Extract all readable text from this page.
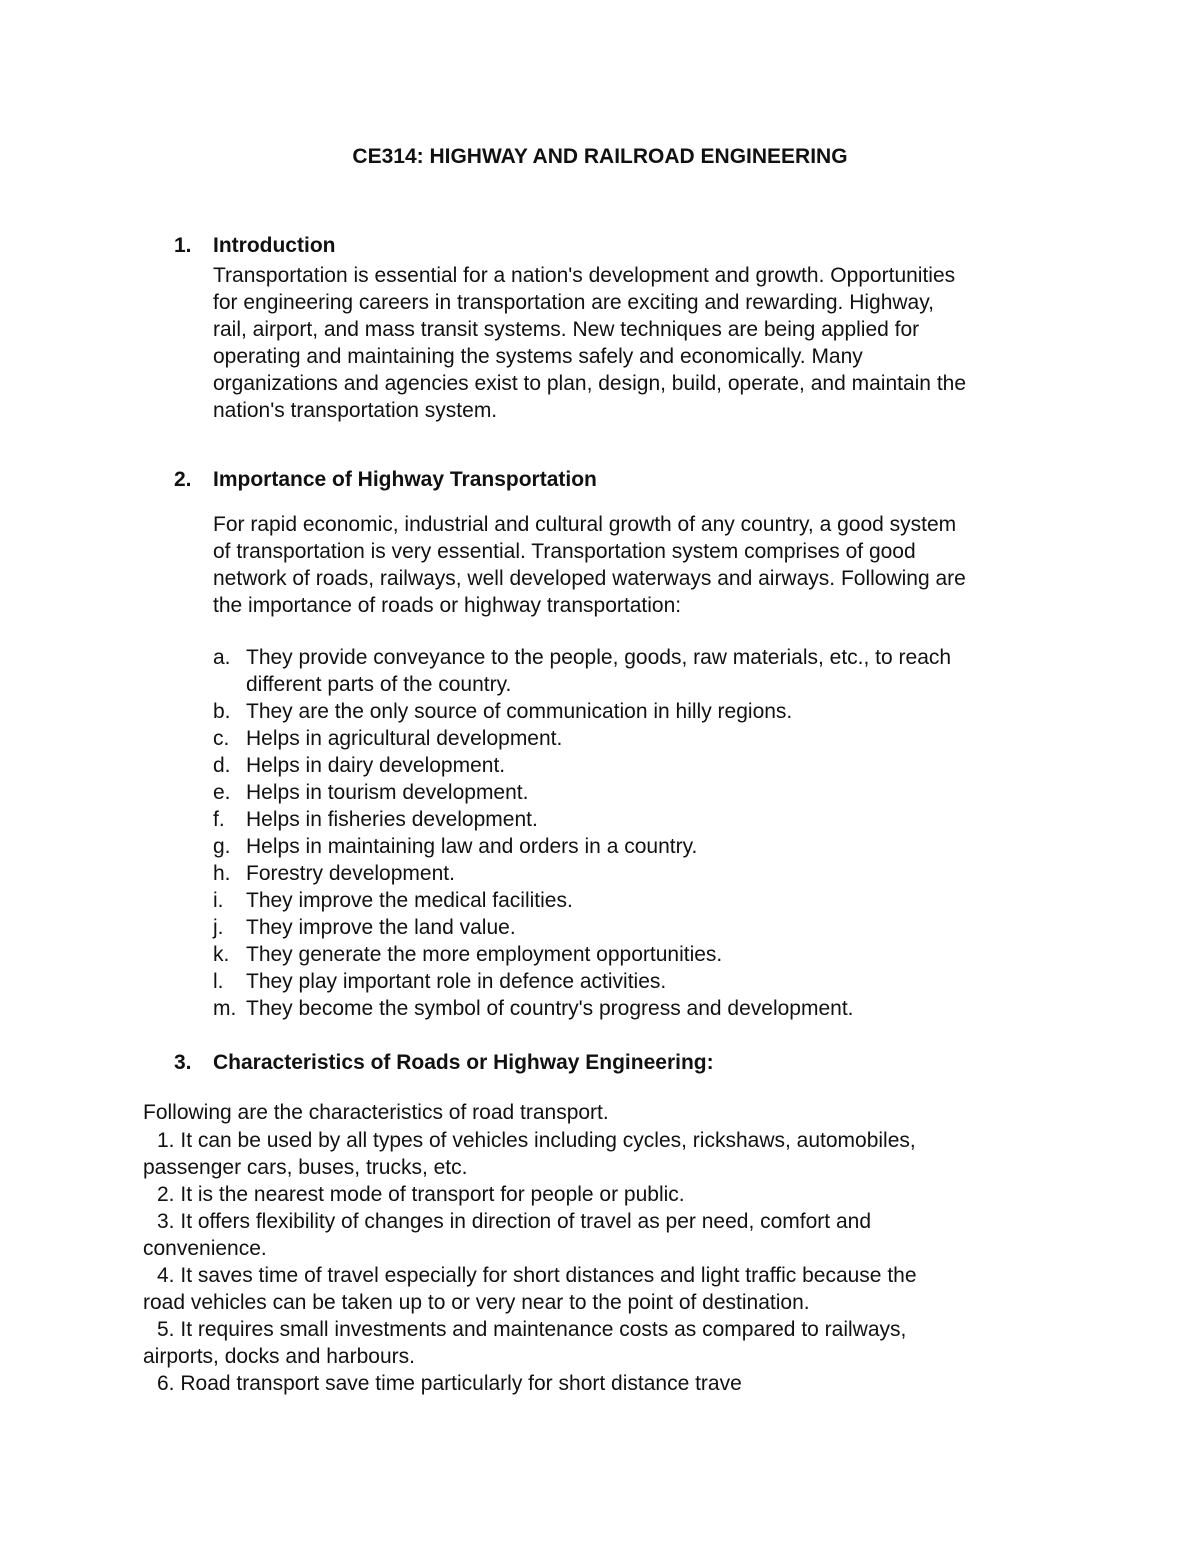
CE314: HIGHWAY AND RAILROAD ENGINEERING
1. Introduction
Transportation is essential for a nation's development and growth. Opportunities
for engineering careers in transportation are exciting and rewarding. Highway,
rail, airport, and mass transit systems. New techniques are being applied for
operating and maintaining the systems safely and economically. Many
organizations and agencies exist to plan, design, build, operate, and maintain the
nation's transportation system.
2. Importance of Highway Transportation
For rapid economic, industrial and cultural growth of any country, a good system
of transportation is very essential. Transportation system comprises of good
network of roads, railways, well developed waterways and airways. Following are
the importance of roads or highway transportation:
a. They provide conveyance to the people, goods, raw materials, etc., to reach
different parts of the country.
b. They are the only source of communication in hilly regions.
c. Helps in agricultural development.
d. Helps in dairy development.
e. Helps in tourism development.
f. Helps in fisheries development.
g. Helps in maintaining law and orders in a country.
h. Forestry development.
i. They improve the medical facilities.
j. They improve the land value.
k. They generate the more employment opportunities.
l. They play important role in defence activities.
m. They become the symbol of country's progress and development.
3. Characteristics of Roads or Highway Engineering:
Following are the characteristics of road transport.
1. It can be used by all types of vehicles including cycles, rickshaws, automobiles,
passenger cars, buses, trucks, etc.
2. It is the nearest mode of transport for people or public.
3. It offers flexibility of changes in direction of travel as per need, comfort and
convenience.
4. It saves time of travel especially for short distances and light traffic because the
road vehicles can be taken up to or very near to the point of destination.
5. It requires small investments and maintenance costs as compared to railways,
airports, docks and harbours.
6. Road transport save time particularly for short distance trave
